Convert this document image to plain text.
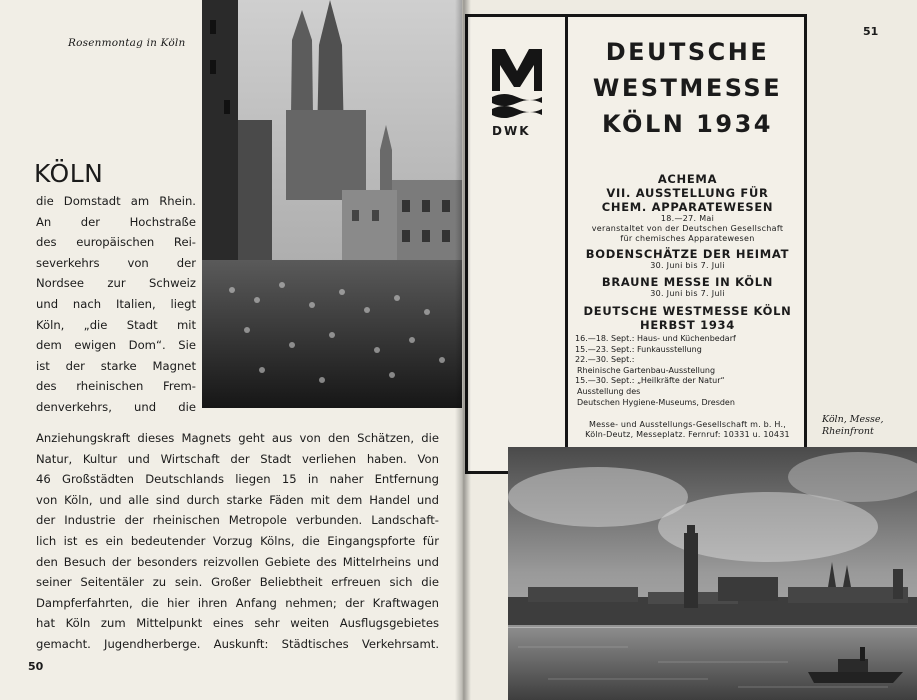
Rosenmontag in Köln
KÖLN
die Domstadt am Rhein.
An der Hochstraße
des europäischen Rei-
severkehrs von der
Nordsee zur Schweiz
und nach Italien, liegt
Köln, „die Stadt mit
dem ewigen Dom“. Sie
ist der starke Magnet
des rheinischen Frem-
denverkehrs, und die
Anziehungskraft dieses Magnets geht aus von den Schätzen, die
Natur, Kultur und Wirtschaft der Stadt verliehen haben. Von
46 Großstädten Deutschlands liegen 15 in naher Entfernung
von Köln, und alle sind durch starke Fäden mit dem Handel und
der Industrie der rheinischen Metropole verbunden. Landschaft-
lich ist es ein bedeutender Vorzug Kölns, die Eingangspforte für
den Besuch der besonders reizvollen Gebiete des Mittelrheins und
seiner Seitentäler zu sein. Großer Beliebtheit erfreuen sich die
Dampferfahrten, die hier ihren Anfang nehmen; der Kraftwagen
hat Köln zum Mittelpunkt eines sehr weiten Ausflugsgebietes
gemacht. Jugendherberge. Auskunft: Städtisches Verkehrsamt.
50
51
DWK
DEUTSCHE
WESTMESSE
KÖLN 1934
ACHEMA
VII. AUSSTELLUNG FÜR
CHEM. APPARATEWESEN
18.—27. Mai
veranstaltet von der Deutschen Gesellschaft
für chemisches Apparatewesen
BODENSCHÄTZE DER HEIMAT
30. Juni bis 7. Juli
BRAUNE MESSE IN KÖLN
30. Juni bis 7. Juli
DEUTSCHE WESTMESSE KÖLN
HERBST 1934
16.—18. Sept.: Haus- und Küchenbedarf
15.—23. Sept.: Funkausstellung
22.—30. Sept.:
Rheinische Gartenbau-Ausstellung
15.—30. Sept.: „Heilkräfte der Natur“
Ausstellung des
Deutschen Hygiene-Museums, Dresden
Messe- und Ausstellungs-Gesellschaft m. b. H.,
Köln-Deutz, Messeplatz. Fernruf: 10331 u. 10431
Köln, Messe,
Rheinfront
